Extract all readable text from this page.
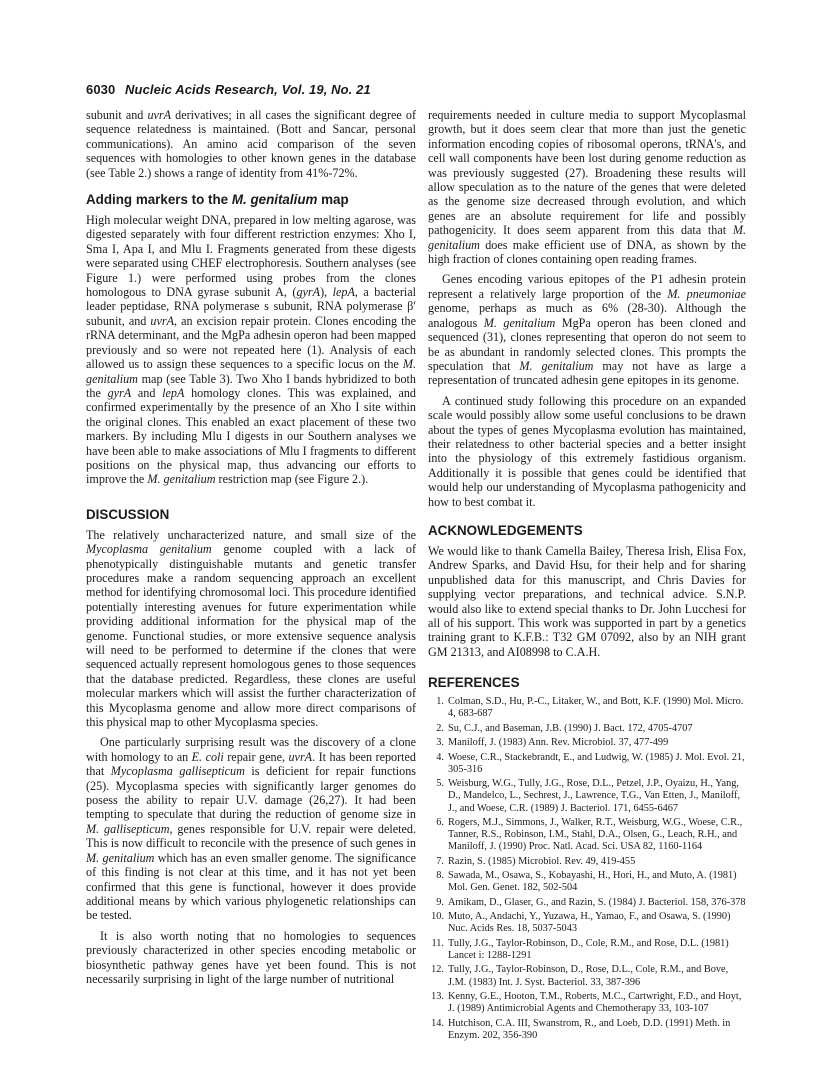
6030 Nucleic Acids Research, Vol. 19, No. 21

subunit and uvrA derivatives; in all cases the significant degree of sequence relatedness is maintained. (Bott and Sancar, personal communications). An amino acid comparison of the seven sequences with homologies to other known genes in the database (see Table 2.) shows a range of identity from 41%-72%.

Adding markers to the M. genitalium map

High molecular weight DNA, prepared in low melting agarose, was digested separately with four different restriction enzymes: Xho I, Sma I, Apa I, and Mlu I. Fragments generated from these digests were separated using CHEF electrophoresis. Southern analyses (see Figure 1.) were performed using probes from the clones homologous to DNA gyrase subunit A, (gyrA), lepA, a bacterial leader peptidase, RNA polymerase s subunit, RNA polymerase β′ subunit, and uvrA, an excision repair protein. Clones encoding the rRNA determinant, and the MgPa adhesin operon had been mapped previously and so were not repeated here (1). Analysis of each allowed us to assign these sequences to a specific locus on the M. genitalium map (see Table 3). Two Xho I bands hybridized to both the gyrA and lepA homology clones. This was explained, and confirmed experimentally by the presence of an Xho I site within the original clones. This enabled an exact placement of these two markers. By including Mlu I digests in our Southern analyses we have been able to make associations of Mlu I fragments to different positions on the physical map, thus advancing our efforts to improve the M. genitalium restriction map (see Figure 2.).

DISCUSSION

The relatively uncharacterized nature, and small size of the Mycoplasma genitalium genome coupled with a lack of phenotypically distinguishable mutants and genetic transfer procedures make a random sequencing approach an excellent method for identifying chromosomal loci. This procedure identified potentially interesting avenues for future experimentation while providing additional information for the physical map of the genome. Functional studies, or more extensive sequence analysis will need to be performed to determine if the clones that were sequenced actually represent homologous genes to those sequences that the database predicted. Regardless, these clones are useful molecular markers which will assist the further characterization of this Mycoplasma genome and allow more direct comparisons of this physical map to other Mycoplasma species.

One particularly surprising result was the discovery of a clone with homology to an E. coli repair gene, uvrA. It has been reported that Mycoplasma gallisepticum is deficient for repair functions (25). Mycoplasma species with significantly larger genomes do posess the ability to repair U.V. damage (26,27). It had been tempting to speculate that during the reduction of genome size in M. gallisepticum, genes responsible for U.V. repair were deleted. This is now difficult to reconcile with the presence of such genes in M. genitalium which has an even smaller genome. The significance of this finding is not clear at this time, and it has not yet been confirmed that this gene is functional, however it does provide additional means by which various phylogenetic relationships can be tested.

It is also worth noting that no homologies to sequences previously characterized in other species encoding metabolic or biosynthetic pathway genes have yet been found. This is not necessarily surprising in light of the large number of nutritional

requirements needed in culture media to support Mycoplasmal growth, but it does seem clear that more than just the genetic information encoding copies of ribosomal operons, tRNA's, and cell wall components have been lost during genome reduction as was previously suggested (27). Broadening these results will allow speculation as to the nature of the genes that were deleted as the genome size decreased through evolution, and which genes are an absolute requirement for life and possibly pathogenicity. It does seem apparent from this data that M. genitalium does make efficient use of DNA, as shown by the high fraction of clones containing open reading frames.

Genes encoding various epitopes of the P1 adhesin protein represent a relatively large proportion of the M. pneumoniae genome, perhaps as much as 6% (28-30). Although the analogous M. genitalium MgPa operon has been cloned and sequenced (31), clones representing that operon do not seem to be as abundant in randomly selected clones. This prompts the speculation that M. genitalium may not have as large a representation of truncated adhesin gene epitopes in its genome.

A continued study following this procedure on an expanded scale would possibly allow some useful conclusions to be drawn about the types of genes Mycoplasma evolution has maintained, their relatedness to other bacterial species and a better insight into the physiology of this extremely fastidious organism. Additionally it is possible that genes could be identified that would help our understanding of Mycoplasma pathogenicity and how to best combat it.

ACKNOWLEDGEMENTS

We would like to thank Camella Bailey, Theresa Irish, Elisa Fox, Andrew Sparks, and David Hsu, for their help and for sharing unpublished data for this manuscript, and Chris Davies for supplying vector preparations, and technical advice. S.N.P. would also like to extend special thanks to Dr. John Lucchesi for all of his support. This work was supported in part by a genetics training grant to K.F.B.: T32 GM 07092, also by an NIH grant GM 21313, and AI08998 to C.A.H.

REFERENCES
1. Colman, S.D., Hu, P.-C., Litaker, W., and Bott, K.F. (1990) Mol. Micro. 4, 683-687
2. Su, C.J., and Baseman, J.B. (1990) J. Bact. 172, 4705-4707
3. Maniloff, J. (1983) Ann. Rev. Microbiol. 37, 477-499
4. Woese, C.R., Stackebrandt, E., and Ludwig, W. (1985) J. Mol. Evol. 21, 305-316
5. Weisburg, W.G., Tully, J.G., Rose, D.L., Petzel, J.P., Oyaizu, H., Yang, D., Mandelco, L., Sechrest, J., Lawrence, T.G., Van Etten, J., Maniloff, J., and Woese, C.R. (1989) J. Bacteriol. 171, 6455-6467
6. Rogers, M.J., Simmons, J., Walker, R.T., Weisburg, W.G., Woese, C.R., Tanner, R.S., Robinson, I.M., Stahl, D.A., Olsen, G., Leach, R.H., and Maniloff, J. (1990) Proc. Natl. Acad. Sci. USA 82, 1160-1164
7. Razin, S. (1985) Microbiol. Rev. 49, 419-455
8. Sawada, M., Osawa, S., Kobayashi, H., Hori, H., and Muto, A. (1981) Mol. Gen. Genet. 182, 502-504
9. Amikam, D., Glaser, G., and Razin, S. (1984) J. Bacteriol. 158, 376-378
10. Muto, A., Andachi, Y., Yuzawa, H., Yamao, F., and Osawa, S. (1990) Nuc. Acids Res. 18, 5037-5043
11. Tully, J.G., Taylor-Robinson, D., Cole, R.M., and Rose, D.L. (1981) Lancet i: 1288-1291
12. Tully, J.G., Taylor-Robinson, D., Rose, D.L., Cole, R.M., and Bove, J.M. (1983) Int. J. Syst. Bacteriol. 33, 387-396
13. Kenny, G.E., Hooton, T.M., Roberts, M.C., Cartwright, F.D., and Hoyt, J. (1989) Antimicrobial Agents and Chemotherapy 33, 103-107
14. Hutchison, C.A. III, Swanstrom, R., and Loeb, D.D. (1991) Meth. in Enzym. 202, 356-390
